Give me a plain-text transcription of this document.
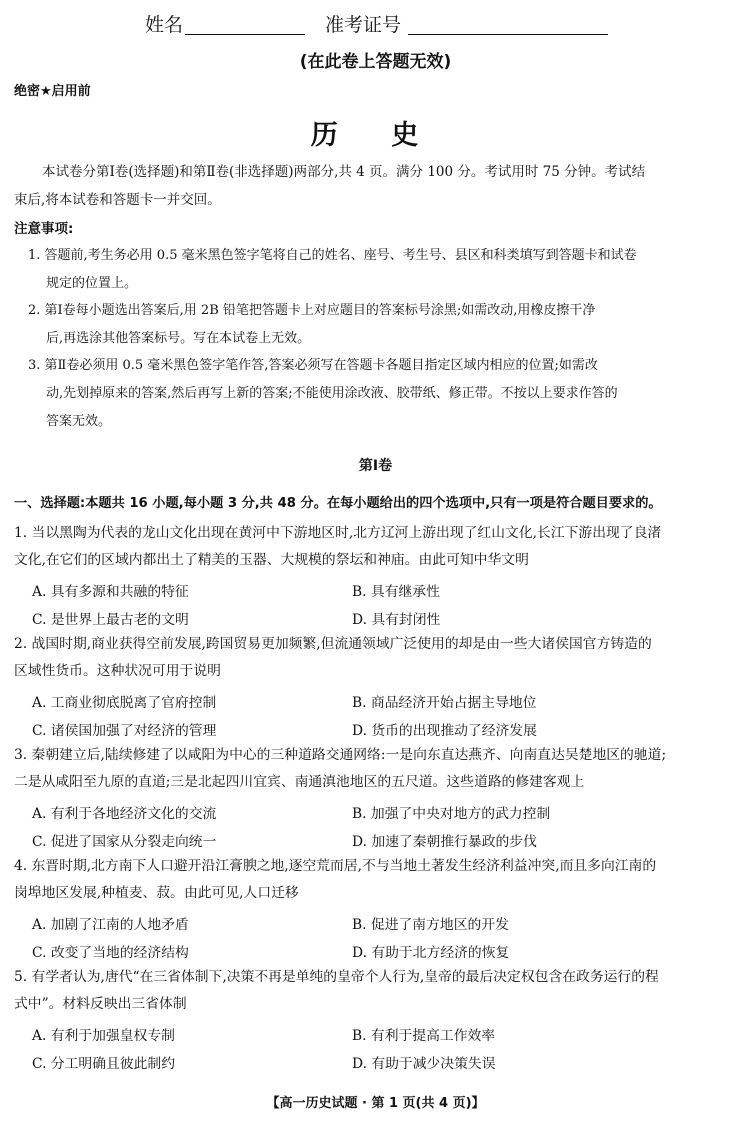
姓名	准考证号
(在此卷上答题无效)
绝密★启用前
历 史
本试卷分第Ⅰ卷(选择题)和第Ⅱ卷(非选择题)两部分,共 4 页。满分 100 分。考试用时 75 分钟。考试结
束后,将本试卷和答题卡一并交回。
注意事项:
1. 答题前,考生务必用 0.5 毫米黑色签字笔将自己的姓名、座号、考生号、县区和科类填写到答题卡和试卷
规定的位置上。
2. 第Ⅰ卷每小题选出答案后,用 2B 铅笔把答题卡上对应题目的答案标号涂黑;如需改动,用橡皮擦干净
后,再选涂其他答案标号。写在本试卷上无效。
3. 第Ⅱ卷必须用 0.5 毫米黑色签字笔作答,答案必须写在答题卡各题目指定区域内相应的位置;如需改
动,先划掉原来的答案,然后再写上新的答案;不能使用涂改液、胶带纸、修正带。不按以上要求作答的
答案无效。
第Ⅰ卷
一、选择题:本题共 16 小题,每小题 3 分,共 48 分。在每小题给出的四个选项中,只有一项是符合题目要求的。
1. 当以黑陶为代表的龙山文化出现在黄河中下游地区时,北方辽河上游出现了红山文化,长江下游出现了良渚
文化,在它们的区域内都出土了精美的玉器、大规模的祭坛和神庙。由此可知中华文明
A. 具有多源和共融的特征	B. 具有继承性
C. 是世界上最古老的文明	D. 具有封闭性
2. 战国时期,商业获得空前发展,跨国贸易更加频繁,但流通领域广泛使用的却是由一些大诸侯国官方铸造的
区域性货币。这种状况可用于说明
A. 工商业彻底脱离了官府控制	B. 商品经济开始占据主导地位
C. 诸侯国加强了对经济的管理	D. 货币的出现推动了经济发展
3. 秦朝建立后,陆续修建了以咸阳为中心的三种道路交通网络:一是向东直达燕齐、向南直达吴楚地区的驰道;
二是从咸阳至九原的直道;三是北起四川宜宾、南通滇池地区的五尺道。这些道路的修建客观上
A. 有利于各地经济文化的交流	B. 加强了中央对地方的武力控制
C. 促进了国家从分裂走向统一	D. 加速了秦朝推行暴政的步伐
4. 东晋时期,北方南下人口避开沿江膏腴之地,逐空荒而居,不与当地土著发生经济利益冲突,而且多向江南的
岗埠地区发展,种植麦、菽。由此可见,人口迁移
A. 加剧了江南的人地矛盾	B. 促进了南方地区的开发
C. 改变了当地的经济结构	D. 有助于北方经济的恢复
5. 有学者认为,唐代“在三省体制下,决策不再是单纯的皇帝个人行为,皇帝的最后决定权包含在政务运行的程
式中”。材料反映出三省体制
A. 有利于加强皇权专制	B. 有利于提高工作效率
C. 分工明确且彼此制约	D. 有助于减少决策失误
【高一历史试题 · 第 1 页(共 4 页)】
